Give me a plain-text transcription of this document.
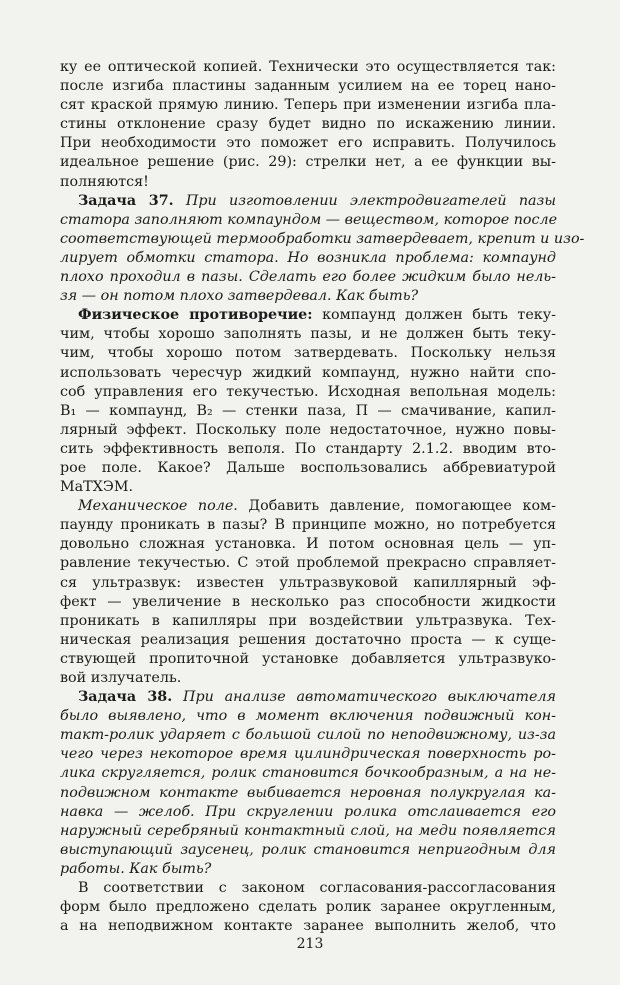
ку ее оптической копией. Технически это осуществляется так:
после изгиба пластины заданным усилием на ее торец нано-
сят краской прямую линию. Теперь при изменении изгиба пла-
стины отклонение сразу будет видно по искажению линии.
При необходимости это поможет его исправить. Получилось
идеальное решение (рис. 29): стрелки нет, а ее функции вы-
полняются!
Задача 37. При изготовлении электродвигателей пазы
статора заполняют компаундом — веществом, которое после
соответствующей термообработки затвердевает, крепит и изо-
лирует обмотки статора. Но возникла проблема: компаунд
плохо проходил в пазы. Сделать его более жидким было нель-
зя — он потом плохо затвердевал. Как быть?
Физическое противоречие: компаунд должен быть теку-
чим, чтобы хорошо заполнять пазы, и не должен быть теку-
чим, чтобы хорошо потом затвердевать. Поскольку нельзя
использовать чересчур жидкий компаунд, нужно найти спо-
соб управления его текучестью. Исходная вепольная модель:
В₁ — компаунд, В₂ — стенки паза, П — смачивание, капил-
лярный эффект. Поскольку поле недостаточное, нужно повы-
сить эффективность веполя. По стандарту 2.1.2. вводим вто-
рое поле. Какое? Дальше воспользовались аббревиатурой
МаТХЭМ.
Механическое поле. Добавить давление, помогающее ком-
паунду проникать в пазы? В принципе можно, но потребуется
довольно сложная установка. И потом основная цель — уп-
равление текучестью. С этой проблемой прекрасно справляет-
ся ультразвук: известен ультразвуковой капиллярный эф-
фект — увеличение в несколько раз способности жидкости
проникать в капилляры при воздействии ультразвука. Тех-
ническая реализация решения достаточно проста — к суще-
ствующей пропиточной установке добавляется ультразвуко-
вой излучатель.
Задача 38. При анализе автоматического выключателя
было выявлено, что в момент включения подвижный кон-
такт-ролик ударяет с большой силой по неподвижному, из-за
чего через некоторое время цилиндрическая поверхность ро-
лика скругляется, ролик становится бочкообразным, а на не-
подвижном контакте выбивается неровная полукруглая ка-
навка — желоб. При скруглении ролика отслаивается его
наружный серебряный контактный слой, на меди появляется
выступающий заусенец, ролик становится непригодным для
работы. Как быть?
В соответствии с законом согласования-рассогласования
форм было предложено сделать ролик заранее округленным,
а на неподвижном контакте заранее выполнить желоб, что
213
